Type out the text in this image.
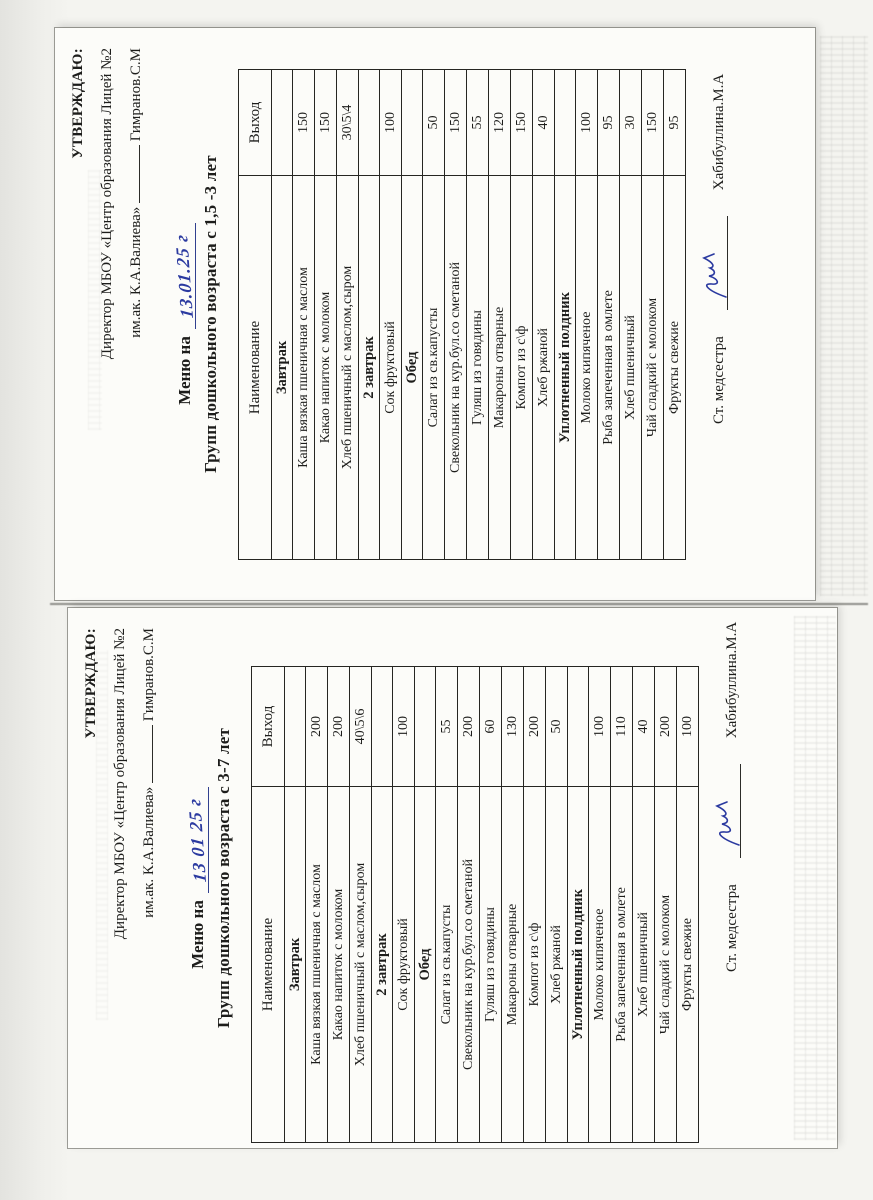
УТВЕРЖДАЮ: Директор МБОУ «Центр образования Лицей №2 им.ак. К.А.Валиева»  Гимранов.С.М
Меню на13.01.25 г Групп дошкольного возраста с 1,5 -3 лет Наименование	Выход
Завтрак	
Каша вязкая пшеничная с маслом	150
Какао напиток с молоком	150
Хлеб пшеничный с маслом,сыром	30\5\4
2 завтрак	
Сок фруктовый	100
Обед	
Салат из св.капусты	50
Свекольник на кур.бул.со сметаной	150
Гуляш из говядины	55
Макароны отварные	120
Компот из с\ф	150
Хлеб ржаной	40
Уплотненный полдник	
Молоко кипяченое	100
Рыба запеченная в омлете	95
Хлеб пшеничный	30
Чай сладкий с молоком	150
Фрукты свежие	95
Ст. медсестра
Хабибуллина.М.А
УТВЕРЖДАЮ: Директор МБОУ «Центр образования Лицей №2 им.ак. К.А.Валиева»  Гимранов.С.М
Меню на13 01 25 г Групп дошкольного возраста с 3-7 лет Наименование	Выход
Завтрак	
Каша вязкая пшеничная с маслом	200
Какао напиток с молоком	200
Хлеб пшеничный с маслом,сыром	40\5\6
2 завтрак	
Сок фруктовый	100
Обед	
Салат из св.капусты	55
Свекольник на кур.бул.со сметаной	200
Гуляш из говядины	60
Макароны отварные	130
Компот из с\ф	200
Хлеб ржаной	50
Уплотненный полдник	
Молоко кипяченое	100
Рыба запеченная в омлете	110
Хлеб пшеничный	40
Чай сладкий с молоком	200
Фрукты свежие	100
Ст. медсестра
Хабибуллина.М.А
